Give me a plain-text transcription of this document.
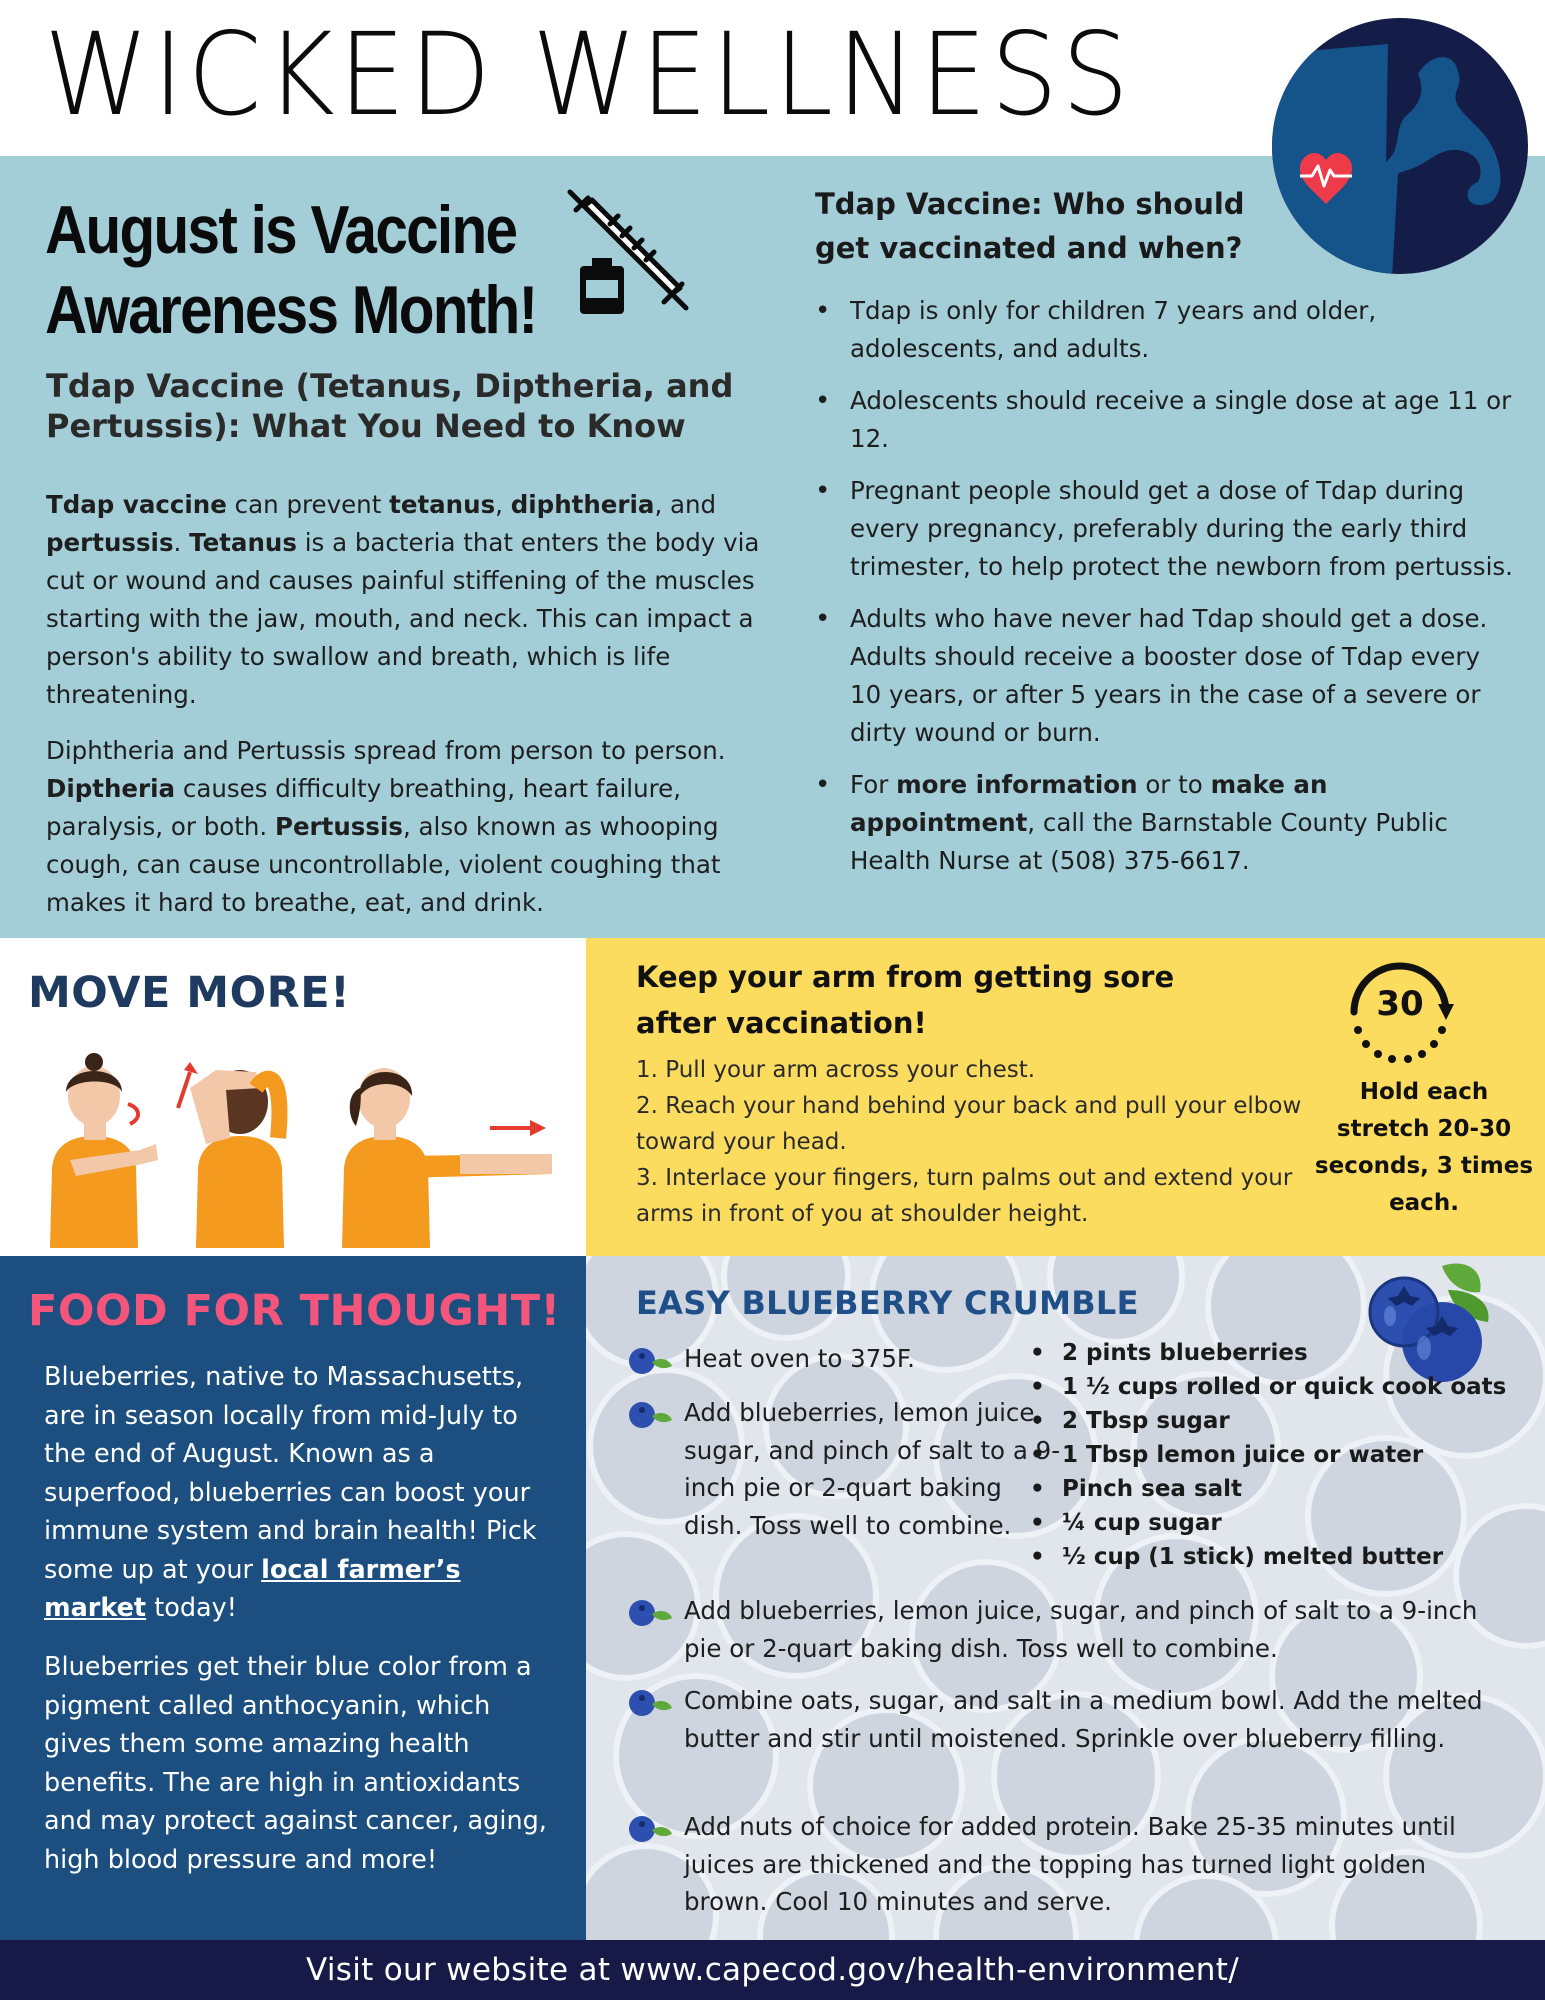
WICKED WELLNESS
August is Vaccine
Awareness Month!
Tdap Vaccine (Tetanus, Diptheria, and Pertussis): What You Need to Know

Tdap vaccine can prevent tetanus, diphtheria, and pertussis. Tetanus is a bacteria that enters the body via cut or wound and causes painful stiffening of the muscles starting with the jaw, mouth, and neck. This can impact a person's ability to swallow and breath, which is life threatening.

Diphtheria and Pertussis spread from person to person. Diptheria causes difficulty breathing, heart failure, paralysis, or both. Pertussis, also known as whooping cough, can cause uncontrollable, violent coughing that makes it hard to breathe, eat, and drink.

Tdap Vaccine: Who should get vaccinated and when?
• Tdap is only for children 7 years and older, adolescents, and adults.
• Adolescents should receive a single dose at age 11 or 12.
• Pregnant people should get a dose of Tdap during every pregnancy, preferably during the early third trimester, to help protect the newborn from pertussis.
• Adults who have never had Tdap should get a dose. Adults should receive a booster dose of Tdap every 10 years, or after 5 years in the case of a severe or dirty wound or burn.
• For more information or to make an appointment, call the Barnstable County Public Health Nurse at (508) 375-6617.
MOVE MORE!	Keep your arm from getting sore after vaccination!
1. Pull your arm across your chest.
2. Reach your hand behind your back and pull your elbow toward your head.
3. Interlace your fingers, turn palms out and extend your arms in front of you at shoulder height.
30
Hold each stretch 20-30 seconds, 3 times each.
FOOD FOR THOUGHT!

Blueberries, native to Massachusetts, are in season locally from mid-July to the end of August. Known as a superfood, blueberries can boost your immune system and brain health! Pick some up at your local farmer’s market today!

Blueberries get their blue color from a pigment called anthocyanin, which gives them some amazing health benefits. The are high in antioxidants and may protect against cancer, aging, high blood pressure and more!

EASY BLUEBERRY CRUMBLE
Heat oven to 375F.
Add blueberries, lemon juice, sugar, and pinch of salt to a 9-inch pie or 2-quart baking dish. Toss well to combine.
Add blueberries, lemon juice, sugar, and pinch of salt to a 9-inch pie or 2-quart baking dish. Toss well to combine.
Combine oats, sugar, and salt in a medium bowl. Add the melted butter and stir until moistened. Sprinkle over blueberry filling.
Add nuts of choice for added protein. Bake 25-35 minutes until juices are thickened and the topping has turned light golden brown. Cool 10 minutes and serve.
• 2 pints blueberries
• 1 ½ cups rolled or quick cook oats
• 2 Tbsp sugar
• 1 Tbsp lemon juice or water
• Pinch sea salt
• ¼ cup sugar
• ½ cup (1 stick) melted butter
Visit our website at www.capecod.gov/health-environment/
